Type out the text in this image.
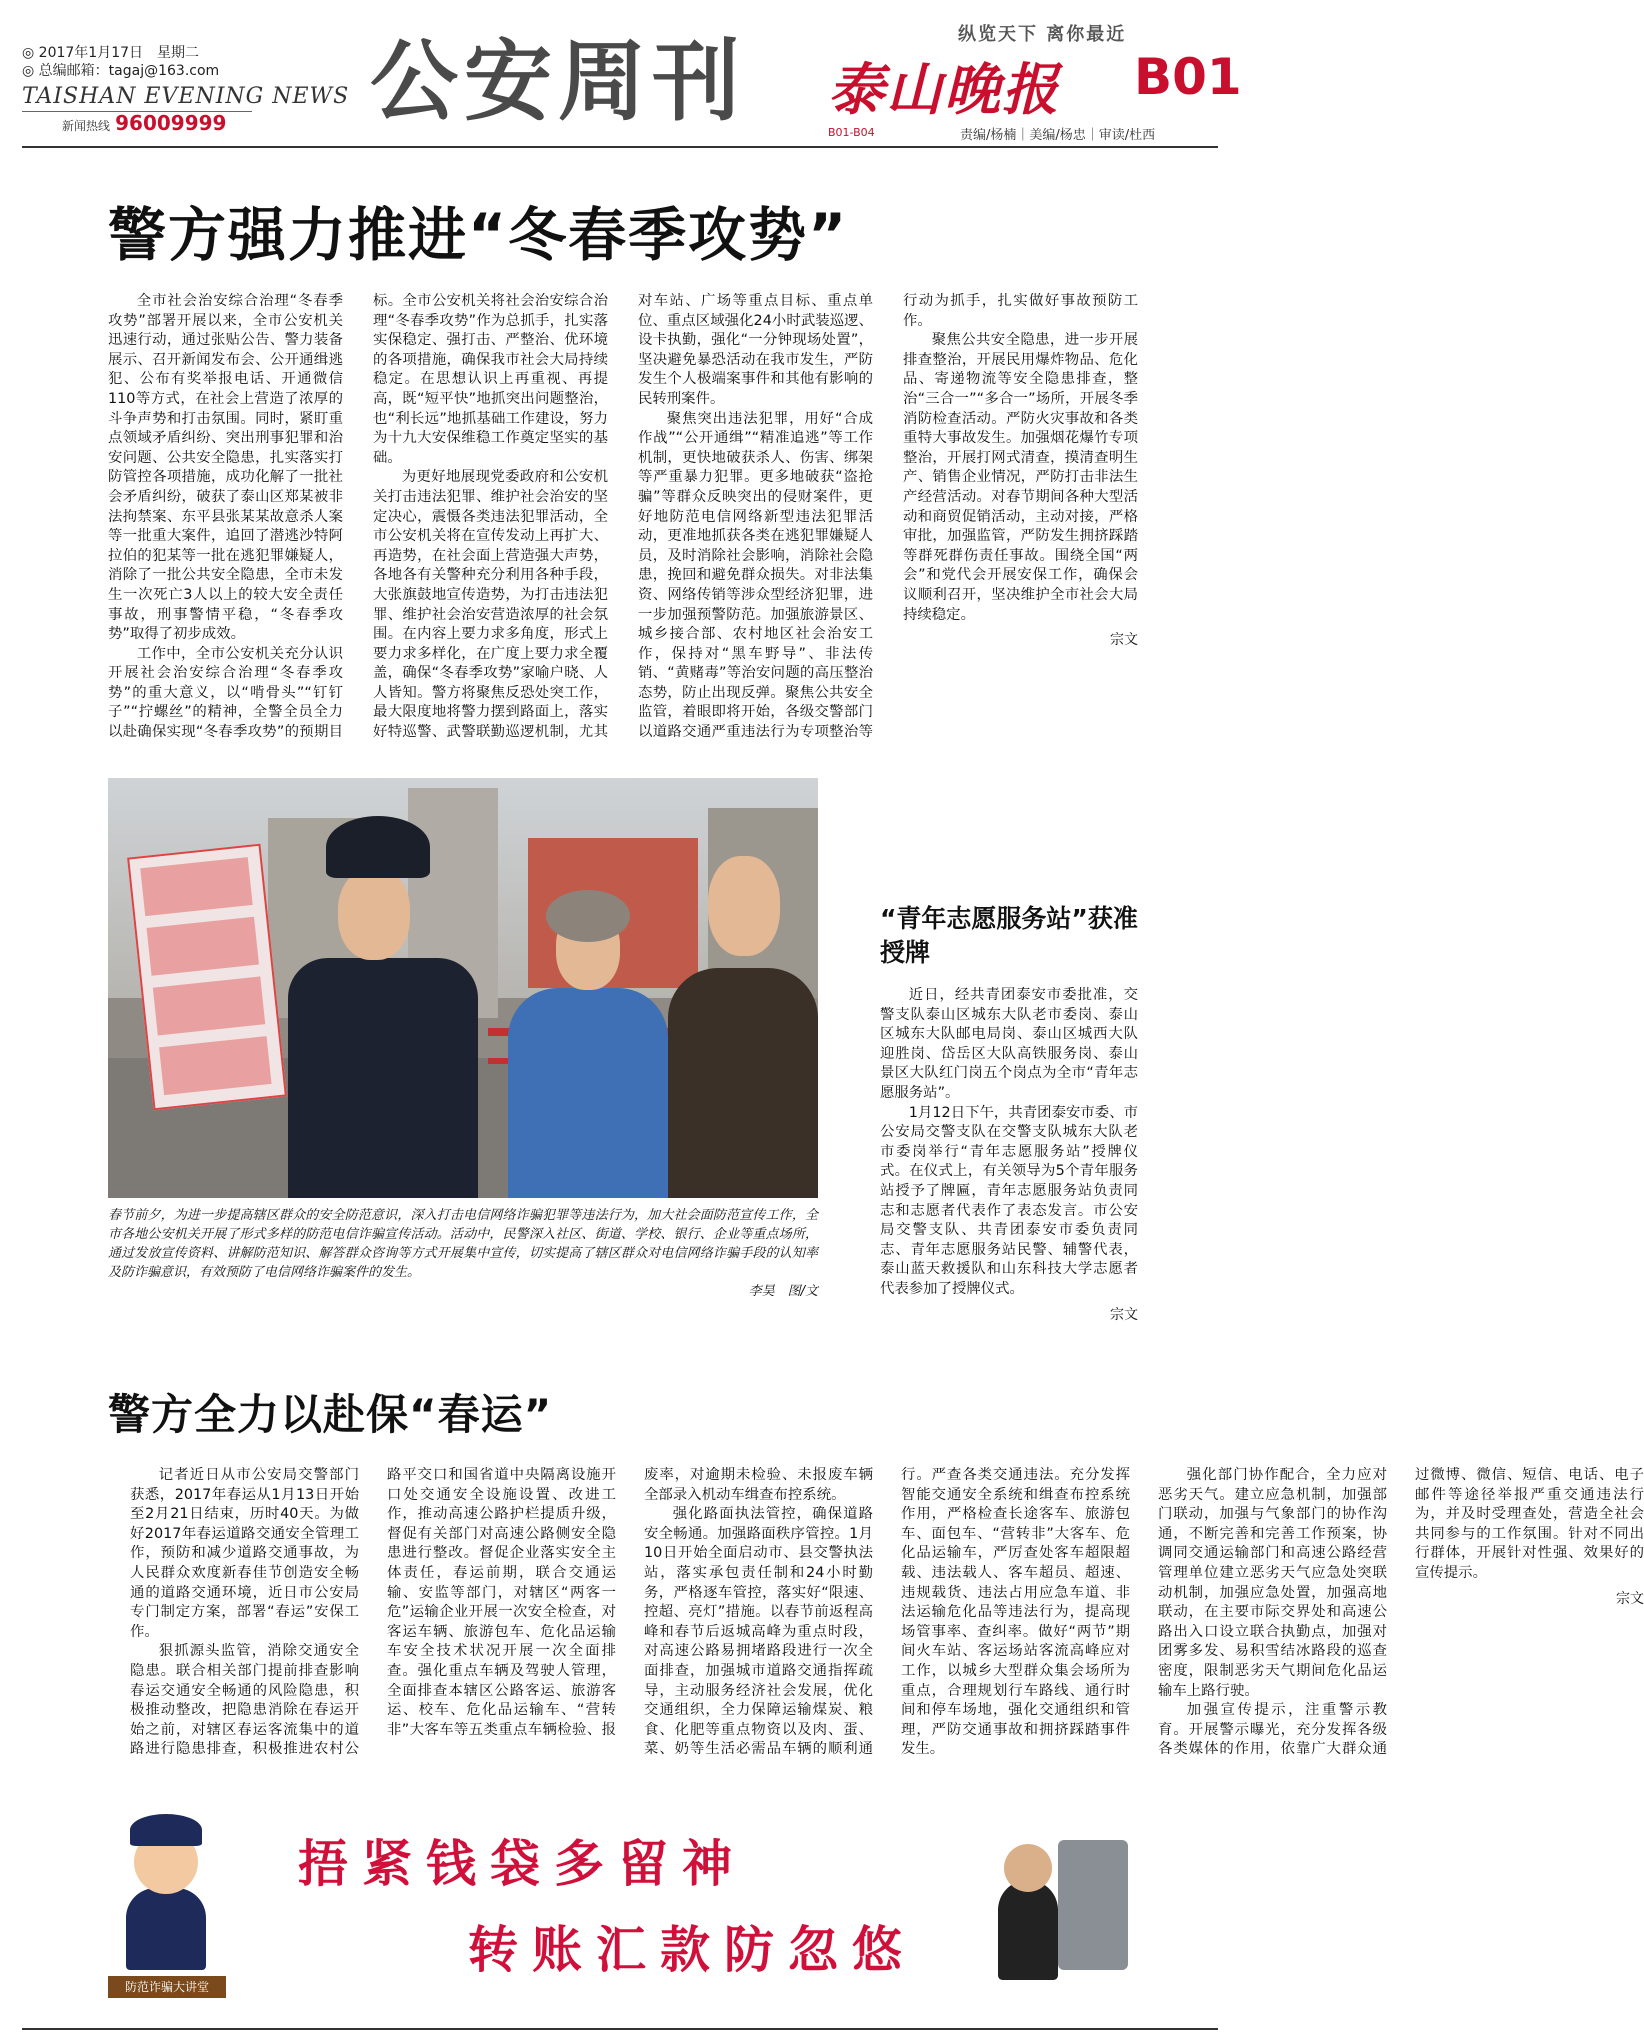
◎ 2017年1月17日　星期二
◎ 总编邮箱：tagaj@163.com
TAISHAN EVENING NEWS
新闻热线 96009999 公安周刊	纵览天下 离你最近
泰山晚报 B01
B01-B04	责编/杨楠｜美编/杨忠｜审读/杜西
警方强力推进“冬春季攻势”

全市社会治安综合治理“冬春季攻势”部署开展以来，全市公安机关迅速行动，通过张贴公告、警力装备展示、召开新闻发布会、公开通缉逃犯、公布有奖举报电话、开通微信110等方式，在社会上营造了浓厚的斗争声势和打击氛围。同时，紧盯重点领域矛盾纠纷、突出刑事犯罪和治安问题、公共安全隐患，扎实落实打防管控各项措施，成功化解了一批社会矛盾纠纷，破获了泰山区郑某被非法拘禁案、东平县张某某故意杀人案等一批重大案件，追回了潜逃沙特阿拉伯的犯某等一批在逃犯罪嫌疑人，消除了一批公共安全隐患，全市未发生一次死亡3人以上的较大安全责任事故，刑事警情平稳，“冬春季攻势”取得了初步成效。

工作中，全市公安机关充分认识开展社会治安综合治理“冬春季攻势”的重大意义，以“啃骨头”“钉钉子”“拧螺丝”的精神，全警全员全力以赴确保实现“冬春季攻势”的预期目标。全市公安机关将社会治安综合治理“冬春季攻势”作为总抓手，扎实落实保稳定、强打击、严整治、优环境的各项措施，确保我市社会大局持续稳定。在思想认识上再重视、再提高，既“短平快”地抓突出问题整治，也“利长远”地抓基础工作建设，努力为十九大安保维稳工作奠定坚实的基础。

为更好地展现党委政府和公安机关打击违法犯罪、维护社会治安的坚定决心，震慑各类违法犯罪活动，全市公安机关将在宣传发动上再扩大、再造势，在社会面上营造强大声势，各地各有关警种充分利用各种手段，大张旗鼓地宣传造势，为打击违法犯罪、维护社会治安营造浓厚的社会氛围。在内容上要力求多角度，形式上要力求多样化，在广度上要力求全覆盖，确保“冬春季攻势”家喻户晓、人人皆知。警方将聚焦反恐处突工作，最大限度地将警力摆到路面上，落实好特巡警、武警联勤巡逻机制，尤其对车站、广场等重点目标、重点单位、重点区域强化24小时武装巡逻、设卡执勤，强化“一分钟现场处置”，坚决避免暴恐活动在我市发生，严防发生个人极端案事件和其他有影响的民转刑案件。

聚焦突出违法犯罪，用好“合成作战”“公开通缉”“精准追逃”等工作机制，更快地破获杀人、伤害、绑架等严重暴力犯罪。更多地破获“盗抢骗”等群众反映突出的侵财案件，更好地防范电信网络新型违法犯罪活动，更准地抓获各类在逃犯罪嫌疑人员，及时消除社会影响，消除社会隐患，挽回和避免群众损失。对非法集资、网络传销等涉众型经济犯罪，进一步加强预警防范。加强旅游景区、城乡接合部、农村地区社会治安工作，保持对“黑车野导”、非法传销、“黄赌毒”等治安问题的高压整治态势，防止出现反弹。聚焦公共安全监管，着眼即将开始，各级交警部门以道路交通严重违法行为专项整治等行动为抓手，扎实做好事故预防工作。

聚焦公共安全隐患，进一步开展排查整治，开展民用爆炸物品、危化品、寄递物流等安全隐患排查，整治“三合一”“多合一”场所，开展冬季消防检查活动。严防火灾事故和各类重特大事故发生。加强烟花爆竹专项整治，开展打网式清查，摸清查明生产、销售企业情况，严防打击非法生产经营活动。对春节期间各种大型活动和商贸促销活动，主动对接，严格审批，加强监管，严防发生拥挤踩踏等群死群伤责任事故。围绕全国“两会”和党代会开展安保工作，确保会议顺利召开，坚决维护全市社会大局持续稳定。

宗文
春节前夕，为进一步提高辖区群众的安全防范意识，深入打击电信网络诈骗犯罪等违法行为，加大社会面防范宣传工作，全市各地公安机关开展了形式多样的防范电信诈骗宣传活动。活动中，民警深入社区、街道、学校、银行、企业等重点场所，通过发放宣传资料、讲解防范知识、解答群众咨询等方式开展集中宣传，切实提高了辖区群众对电信网络诈骗手段的认知率及防诈骗意识，有效预防了电信网络诈骗案件的发生。
李昊　图/文
“青年志愿服务站”获准授牌

近日，经共青团泰安市委批准，交警支队泰山区城东大队老市委岗、泰山区城东大队邮电局岗、泰山区城西大队迎胜岗、岱岳区大队高铁服务岗、泰山景区大队红门岗五个岗点为全市“青年志愿服务站”。

1月12日下午，共青团泰安市委、市公安局交警支队在交警支队城东大队老市委岗举行“青年志愿服务站”授牌仪式。在仪式上，有关领导为5个青年服务站授予了牌匾，青年志愿服务站负责同志和志愿者代表作了表态发言。市公安局交警支队、共青团泰安市委负责同志、青年志愿服务站民警、辅警代表，泰山蓝天救援队和山东科技大学志愿者代表参加了授牌仪式。

宗文
警方全力以赴保“春运”

记者近日从市公安局交警部门获悉，2017年春运从1月13日开始至2月21日结束，历时40天。为做好2017年春运道路交通安全管理工作，预防和减少道路交通事故，为人民群众欢度新春佳节创造安全畅通的道路交通环境，近日市公安局专门制定方案，部署“春运”安保工作。

狠抓源头监管，消除交通安全隐患。联合相关部门提前排查影响春运交通安全畅通的风险隐患，积极推动整改，把隐患消除在春运开始之前，对辖区春运客流集中的道路进行隐患排查，积极推进农村公路平交口和国省道中央隔离设施开口处交通安全设施设置、改进工作，推动高速公路护栏提质升级，督促有关部门对高速公路侧安全隐患进行整改。督促企业落实安全主体责任，春运前期，联合交通运输、安监等部门，对辖区“两客一危”运输企业开展一次安全检查，对客运车辆、旅游包车、危化品运输车安全技术状况开展一次全面排查。强化重点车辆及驾驶人管理，全面排查本辖区公路客运、旅游客运、校车、危化品运输车、“营转非”大客车等五类重点车辆检验、报废率，对逾期未检验、未报废车辆全部录入机动车缉查布控系统。

强化路面执法管控，确保道路安全畅通。加强路面秩序管控。1月10日开始全面启动市、县交警执法站，落实承包责任制和24小时勤务，严格逐车管控，落实好“限速、控超、亮灯”措施。以春节前返程高峰和春节后返城高峰为重点时段，对高速公路易拥堵路段进行一次全面排查，加强城市道路交通指挥疏导，主动服务经济社会发展，优化交通组织，全力保障运输煤炭、粮食、化肥等重点物资以及肉、蛋、菜、奶等生活必需品车辆的顺利通行。严查各类交通违法。充分发挥智能交通安全系统和缉查布控系统作用，严格检查长途客车、旅游包车、面包车、“营转非”大客车、危化品运输车，严厉查处客车超限超载、违法载人、客车超员、超速、违规载货、违法占用应急车道、非法运输危化品等违法行为，提高现场管事率、查纠率。做好“两节”期间火车站、客运场站客流高峰应对工作，以城乡大型群众集会场所为重点，合理规划行车路线、通行时间和停车场地，强化交通组织和管理，严防交通事故和拥挤踩踏事件发生。

强化部门协作配合，全力应对恶劣天气。建立应急机制，加强部门联动，加强与气象部门的协作沟通，不断完善和完善工作预案，协调同交通运输部门和高速公路经营管理单位建立恶劣天气应急处突联动机制，加强应急处置，加强高地联动，在主要市际交界处和高速公路出入口设立联合执勤点，加强对团雾多发、易积雪结冰路段的巡查密度，限制恶劣天气期间危化品运输车上路行驶。

加强宣传提示，注重警示教育。开展警示曝光，充分发挥各级各类媒体的作用，依靠广大群众通过微博、微信、短信、电话、电子邮件等途径举报严重交通违法行为，并及时受理查处，营造全社会共同参与的工作氛围。针对不同出行群体，开展针对性强、效果好的宣传提示。

宗文
防范诈骗大讲堂
捂紧钱袋多留神
转账汇款防忽悠
